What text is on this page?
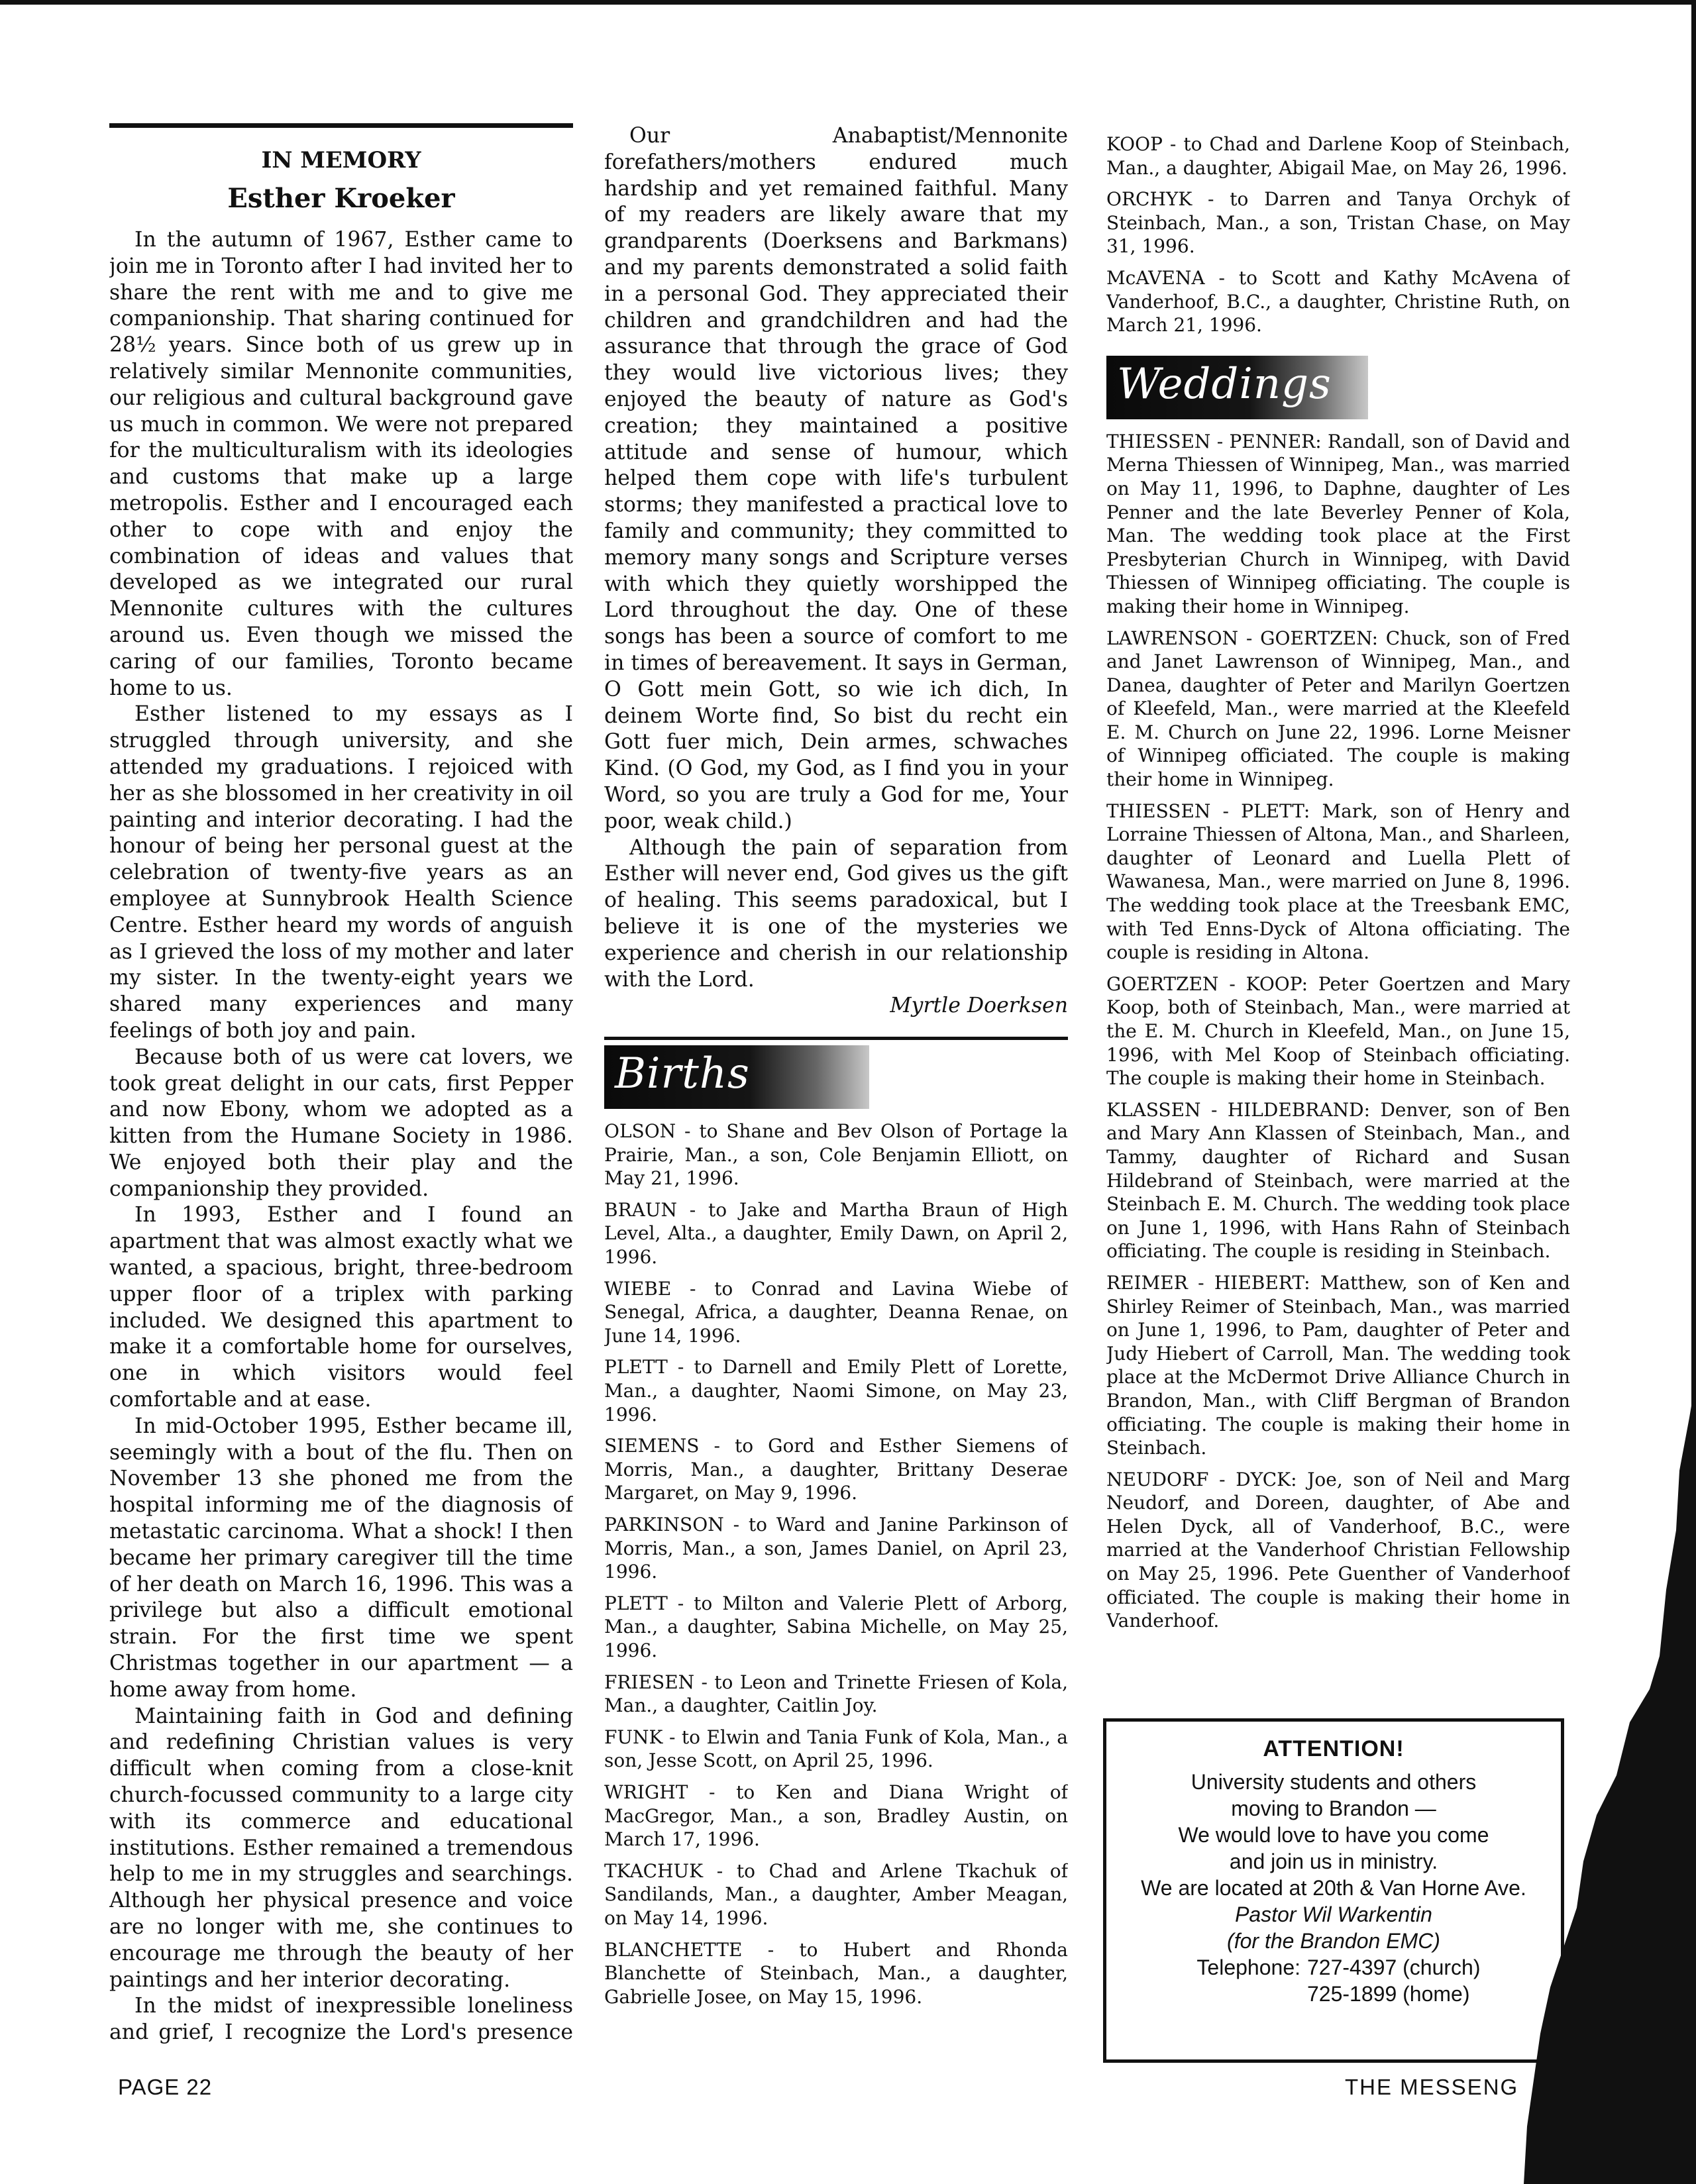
IN MEMORY
Esther Kroeker

In the autumn of 1967, Esther came to join me in Toronto after I had invited her to share the rent with me and to give me companionship. That sharing continued for 28½ years. Since both of us grew up in relatively similar Mennonite communities, our religious and cultural background gave us much in common. We were not prepared for the multiculturalism with its ideologies and customs that make up a large metropolis. Esther and I encouraged each other to cope with and enjoy the combination of ideas and values that developed as we integrated our rural Mennonite cultures with the cultures around us. Even though we missed the caring of our families, Toronto became home to us.

Esther listened to my essays as I struggled through university, and she attended my graduations. I rejoiced with her as she blossomed in her creativity in oil painting and interior decorating. I had the honour of being her personal guest at the celebration of twenty-five years as an employee at Sunnybrook Health Science Centre. Esther heard my words of anguish as I grieved the loss of my mother and later my sister. In the twenty-eight years we shared many experiences and many feelings of both joy and pain.

Because both of us were cat lovers, we took great delight in our cats, first Pepper and now Ebony, whom we adopted as a kitten from the Humane Society in 1986. We enjoyed both their play and the companionship they provided.

In 1993, Esther and I found an apartment that was almost exactly what we wanted, a spacious, bright, three-bedroom upper floor of a triplex with parking included. We designed this apartment to make it a comfortable home for ourselves, one in which visitors would feel comfortable and at ease.

In mid-October 1995, Esther became ill, seemingly with a bout of the flu. Then on November 13 she phoned me from the hospital informing me of the diagnosis of metastatic carcinoma. What a shock! I then became her primary caregiver till the time of her death on March 16, 1996. This was a privilege but also a difficult emotional strain. For the first time we spent Christmas together in our apartment — a home away from home.

Maintaining faith in God and defining and redefining Christian values is very difficult when coming from a close-knit church-focussed community to a large city with its commerce and educational institutions. Esther remained a tremendous help to me in my struggles and searchings. Although her physical presence and voice are no longer with me, she continues to encourage me through the beauty of her paintings and her interior decorating.

In the midst of inexpressible loneliness and grief, I recognize the Lord's presence

Our Anabaptist/Mennonite forefathers/mothers endured much hardship and yet remained faithful. Many of my readers are likely aware that my grandparents (Doerksens and Barkmans) and my parents demonstrated a solid faith in a personal God. They appreciated their children and grandchildren and had the assurance that through the grace of God they would live victorious lives; they enjoyed the beauty of nature as God's creation; they maintained a positive attitude and sense of humour, which helped them cope with life's turbulent storms; they manifested a practical love to family and community; they committed to memory many songs and Scripture verses with which they quietly worshipped the Lord throughout the day. One of these songs has been a source of comfort to me in times of bereavement. It says in German, O Gott mein Gott, so wie ich dich, In deinem Worte find, So bist du recht ein Gott fuer mich, Dein armes, schwaches Kind. (O God, my God, as I find you in your Word, so you are truly a God for me, Your poor, weak child.)

Although the pain of separation from Esther will never end, God gives us the gift of healing. This seems paradoxical, but I believe it is one of the mysteries we experience and cherish in our relationship with the Lord.

Myrtle Doerksen
Births

OLSON - to Shane and Bev Olson of Portage la Prairie, Man., a son, Cole Benjamin Elliott, on May 21, 1996.

BRAUN - to Jake and Martha Braun of High Level, Alta., a daughter, Emily Dawn, on April 2, 1996.

WIEBE - to Conrad and Lavina Wiebe of Senegal, Africa, a daughter, Deanna Renae, on June 14, 1996.

PLETT - to Darnell and Emily Plett of Lorette, Man., a daughter, Naomi Simone, on May 23, 1996.

SIEMENS - to Gord and Esther Siemens of Morris, Man., a daughter, Brittany Deserae Margaret, on May 9, 1996.

PARKINSON - to Ward and Janine Parkinson of Morris, Man., a son, James Daniel, on April 23, 1996.

PLETT - to Milton and Valerie Plett of Arborg, Man., a daughter, Sabina Michelle, on May 25, 1996.

FRIESEN - to Leon and Trinette Friesen of Kola, Man., a daughter, Caitlin Joy.

FUNK - to Elwin and Tania Funk of Kola, Man., a son, Jesse Scott, on April 25, 1996.

WRIGHT - to Ken and Diana Wright of MacGregor, Man., a son, Bradley Austin, on March 17, 1996.

TKACHUK - to Chad and Arlene Tkachuk of Sandilands, Man., a daughter, Amber Meagan, on May 14, 1996.

BLANCHETTE - to Hubert and Rhonda Blanchette of Steinbach, Man., a daughter, Gabrielle Josee, on May 15, 1996.

KOOP - to Chad and Darlene Koop of Steinbach, Man., a daughter, Abigail Mae, on May 26, 1996.

ORCHYK - to Darren and Tanya Orchyk of Steinbach, Man., a son, Tristan Chase, on May 31, 1996.

McAVENA - to Scott and Kathy McAvena of Vanderhoof, B.C., a daughter, Christine Ruth, on March 21, 1996.

Weddings

THIESSEN - PENNER: Randall, son of David and Merna Thiessen of Winnipeg, Man., was married on May 11, 1996, to Daphne, daughter of Les Penner and the late Beverley Penner of Kola, Man. The wedding took place at the First Presbyterian Church in Winnipeg, with David Thiessen of Winnipeg officiating. The couple is making their home in Winnipeg.

LAWRENSON - GOERTZEN: Chuck, son of Fred and Janet Lawrenson of Winnipeg, Man., and Danea, daughter of Peter and Marilyn Goertzen of Kleefeld, Man., were married at the Kleefeld E. M. Church on June 22, 1996. Lorne Meisner of Winnipeg officiated. The couple is making their home in Winnipeg.

THIESSEN - PLETT: Mark, son of Henry and Lorraine Thiessen of Altona, Man., and Sharleen, daughter of Leonard and Luella Plett of Wawanesa, Man., were married on June 8, 1996. The wedding took place at the Treesbank EMC, with Ted Enns-Dyck of Altona officiating. The couple is residing in Altona.

GOERTZEN - KOOP: Peter Goertzen and Mary Koop, both of Steinbach, Man., were married at the E. M. Church in Kleefeld, Man., on June 15, 1996, with Mel Koop of Steinbach officiating. The couple is making their home in Steinbach.

KLASSEN - HILDEBRAND: Denver, son of Ben and Mary Ann Klassen of Steinbach, Man., and Tammy, daughter of Richard and Susan Hildebrand of Steinbach, were married at the Steinbach E. M. Church. The wedding took place on June 1, 1996, with Hans Rahn of Steinbach officiating. The couple is residing in Steinbach.

REIMER - HIEBERT: Matthew, son of Ken and Shirley Reimer of Steinbach, Man., was married on June 1, 1996, to Pam, daughter of Peter and Judy Hiebert of Carroll, Man. The wedding took place at the McDermot Drive Alliance Church in Brandon, Man., with Cliff Bergman of Brandon officiating. The couple is making their home in Steinbach.

NEUDORF - DYCK: Joe, son of Neil and Marg Neudorf, and Doreen, daughter, of Abe and Helen Dyck, all of Vanderhoof, B.C., were married at the Vanderhoof Christian Fellowship on May 25, 1996. Pete Guenther of Vanderhoof officiated. The couple is making their home in Vanderhoof.

ATTENTION!
University students and others
moving to Brandon —
We would love to have you come
and join us in ministry.
We are located at 20th & Van Horne Ave.
Pastor Wil Warkentin
(for the Brandon EMC)
Telephone: 727-4397 (church)
725-1899 (home)
PAGE 22	THE MESSENG
